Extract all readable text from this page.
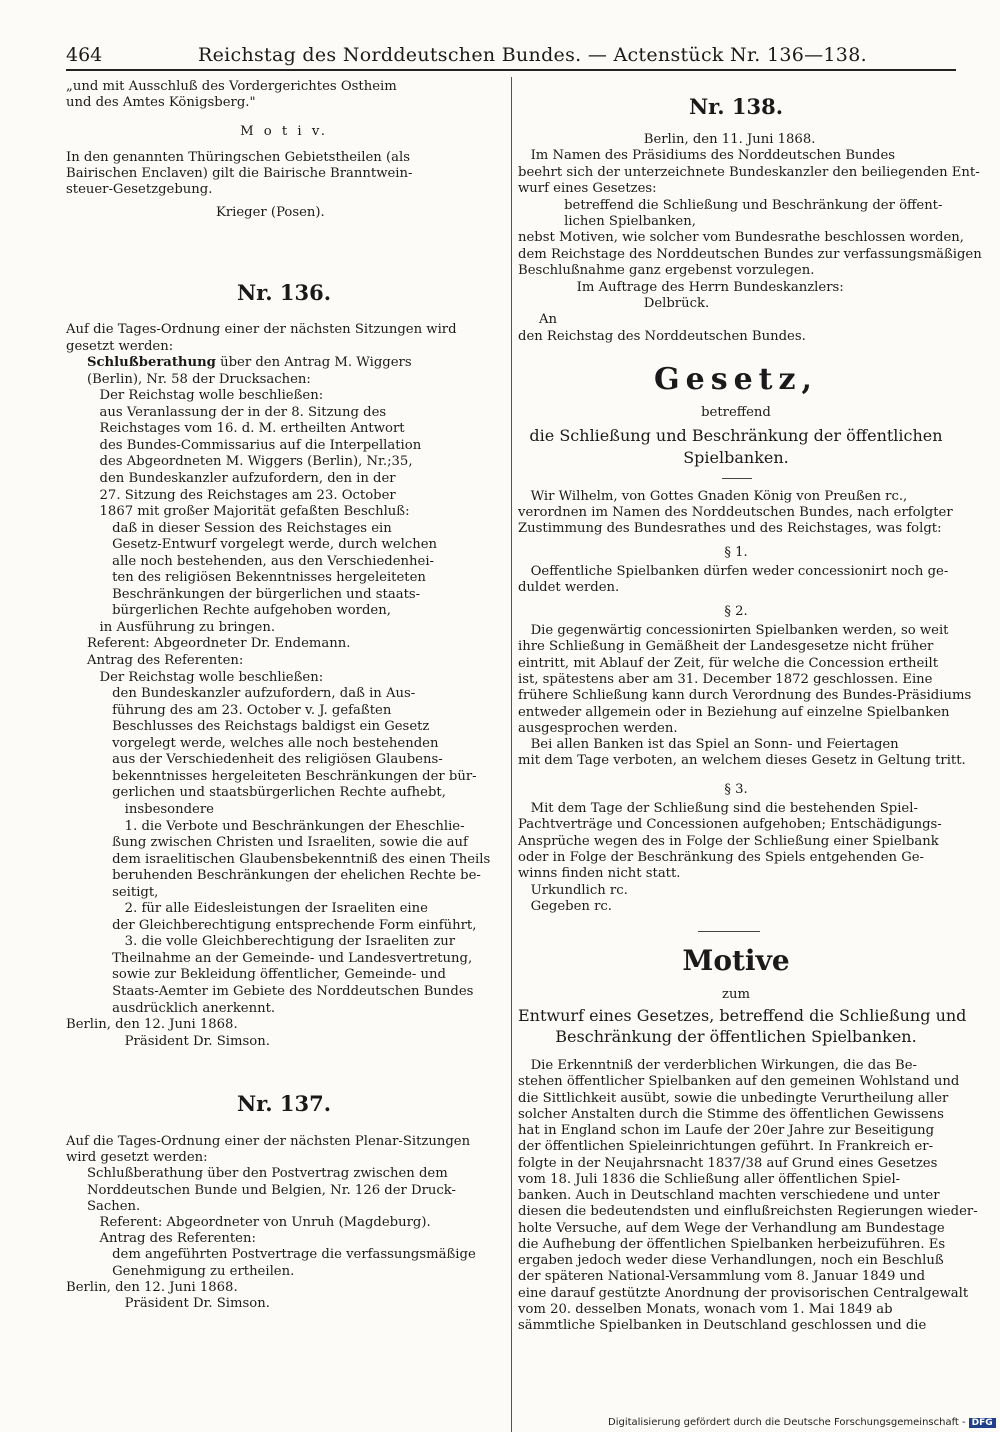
464	Reichstag des Norddeutschen Bundes. — Actenstück Nr. 136—138.
„und mit Ausschluß des Vordergerichtes Ostheim
und des Amtes Königsberg."
M o t i v.
In den genannten Thüringschen Gebietstheilen (als
Bairischen Enclaven) gilt die Bairische Branntwein-
steuer-Gesetzgebung.
Krieger (Posen).
Nr. 136.
Auf die Tages-Ordnung einer der nächsten Sitzungen wird
gesetzt werden:
Schlußberathung über den Antrag M. Wiggers
(Berlin), Nr. 58 der Drucksachen:
Der Reichstag wolle beschließen:
aus Veranlassung der in der 8. Sitzung des
Reichstages vom 16. d. M. ertheilten Antwort
des Bundes-Commissarius auf die Interpellation
des Abgeordneten M. Wiggers (Berlin), Nr.;35,
den Bundeskanzler aufzufordern, den in der
27. Sitzung des Reichstages am 23. October
1867 mit großer Majorität gefaßten Beschluß:
daß in dieser Session des Reichstages ein
Gesetz-Entwurf vorgelegt werde, durch welchen
alle noch bestehenden, aus den Verschiedenhei-
ten des religiösen Bekenntnisses hergeleiteten
Beschränkungen der bürgerlichen und staats-
bürgerlichen Rechte aufgehoben worden,
in Ausführung zu bringen.
Referent: Abgeordneter Dr. Endemann.
Antrag des Referenten:
Der Reichstag wolle beschließen:
den Bundeskanzler aufzufordern, daß in Aus-
führung des am 23. October v. J. gefaßten
Beschlusses des Reichstags baldigst ein Gesetz
vorgelegt werde, welches alle noch bestehenden
aus der Verschiedenheit des religiösen Glaubens-
bekenntnisses hergeleiteten Beschränkungen der bür-
gerlichen und staatsbürgerlichen Rechte aufhebt,
insbesondere
1. die Verbote und Beschränkungen der Eheschlie-
ßung zwischen Christen und Israeliten, sowie die auf
dem israelitischen Glaubensbekenntniß des einen Theils
beruhenden Beschränkungen der ehelichen Rechte be-
seitigt,
2. für alle Eidesleistungen der Israeliten eine
der Gleichberechtigung entsprechende Form einführt,
3. die volle Gleichberechtigung der Israeliten zur
Theilnahme an der Gemeinde- und Landesvertretung,
sowie zur Bekleidung öffentlicher, Gemeinde- und
Staats-Aemter im Gebiete des Norddeutschen Bundes
ausdrücklich anerkennt.
Berlin, den 12. Juni 1868.
Präsident Dr. Simson.
Nr. 137.
Auf die Tages-Ordnung einer der nächsten Plenar-Sitzungen
wird gesetzt werden:
Schlußberathung über den Postvertrag zwischen dem
Norddeutschen Bunde und Belgien, Nr. 126 der Druck-
Sachen.
Referent: Abgeordneter von Unruh (Magdeburg).
Antrag des Referenten:
dem angeführten Postvertrage die verfassungsmäßige
Genehmigung zu ertheilen.
Berlin, den 12. Juni 1868.
Präsident Dr. Simson.
Nr. 138.
Berlin, den 11. Juni 1868.
Im Namen des Präsidiums des Norddeutschen Bundes
beehrt sich der unterzeichnete Bundeskanzler den beiliegenden Ent-
wurf eines Gesetzes:
betreffend die Schließung und Beschränkung der öffent-
lichen Spielbanken,
nebst Motiven, wie solcher vom Bundesrathe beschlossen worden,
dem Reichstage des Norddeutschen Bundes zur verfassungsmäßigen
Beschlußnahme ganz ergebenst vorzulegen.
Im Auftrage des Herrn Bundeskanzlers:
Delbrück.
An
den Reichstag des Norddeutschen Bundes.
Gesetz,
betreffend
die Schließung und Beschränkung der öffentlichen
Spielbanken.
Wir Wilhelm, von Gottes Gnaden König von Preußen rc.,
verordnen im Namen des Norddeutschen Bundes, nach erfolgter
Zustimmung des Bundesrathes und des Reichstages, was folgt:
§ 1.
Oeffentliche Spielbanken dürfen weder concessionirt noch ge-
duldet werden.
§ 2.
Die gegenwärtig concessionirten Spielbanken werden, so weit
ihre Schließung in Gemäßheit der Landesgesetze nicht früher
eintritt, mit Ablauf der Zeit, für welche die Concession ertheilt
ist, spätestens aber am 31. December 1872 geschlossen. Eine
frühere Schließung kann durch Verordnung des Bundes-Präsidiums
entweder allgemein oder in Beziehung auf einzelne Spielbanken
ausgesprochen werden.
Bei allen Banken ist das Spiel an Sonn- und Feiertagen
mit dem Tage verboten, an welchem dieses Gesetz in Geltung tritt.
§ 3.
Mit dem Tage der Schließung sind die bestehenden Spiel-
Pachtverträge und Concessionen aufgehoben; Entschädigungs-
Ansprüche wegen des in Folge der Schließung einer Spielbank
oder in Folge der Beschränkung des Spiels entgehenden Ge-
winns finden nicht statt.
Urkundlich rc.
Gegeben rc.
Motive
zum
Entwurf eines Gesetzes, betreffend die Schließung und
Beschränkung der öffentlichen Spielbanken.
Die Erkenntniß der verderblichen Wirkungen, die das Be-
stehen öffentlicher Spielbanken auf den gemeinen Wohlstand und
die Sittlichkeit ausübt, sowie die unbedingte Verurtheilung aller
solcher Anstalten durch die Stimme des öffentlichen Gewissens
hat in England schon im Laufe der 20er Jahre zur Beseitigung
der öffentlichen Spieleinrichtungen geführt. In Frankreich er-
folgte in der Neujahrsnacht 1837/38 auf Grund eines Gesetzes
vom 18. Juli 1836 die Schließung aller öffentlichen Spiel-
banken. Auch in Deutschland machten verschiedene und unter
diesen die bedeutendsten und einflußreichsten Regierungen wieder-
holte Versuche, auf dem Wege der Verhandlung am Bundestage
die Aufhebung der öffentlichen Spielbanken herbeizuführen. Es
ergaben jedoch weder diese Verhandlungen, noch ein Beschluß
der späteren National-Versammlung vom 8. Januar 1849 und
eine darauf gestützte Anordnung der provisorischen Centralgewalt
vom 20. desselben Monats, wonach vom 1. Mai 1849 ab
sämmtliche Spielbanken in Deutschland geschlossen und die
Digitalisierung gefördert durch die Deutsche Forschungsgemeinschaft - DFG
